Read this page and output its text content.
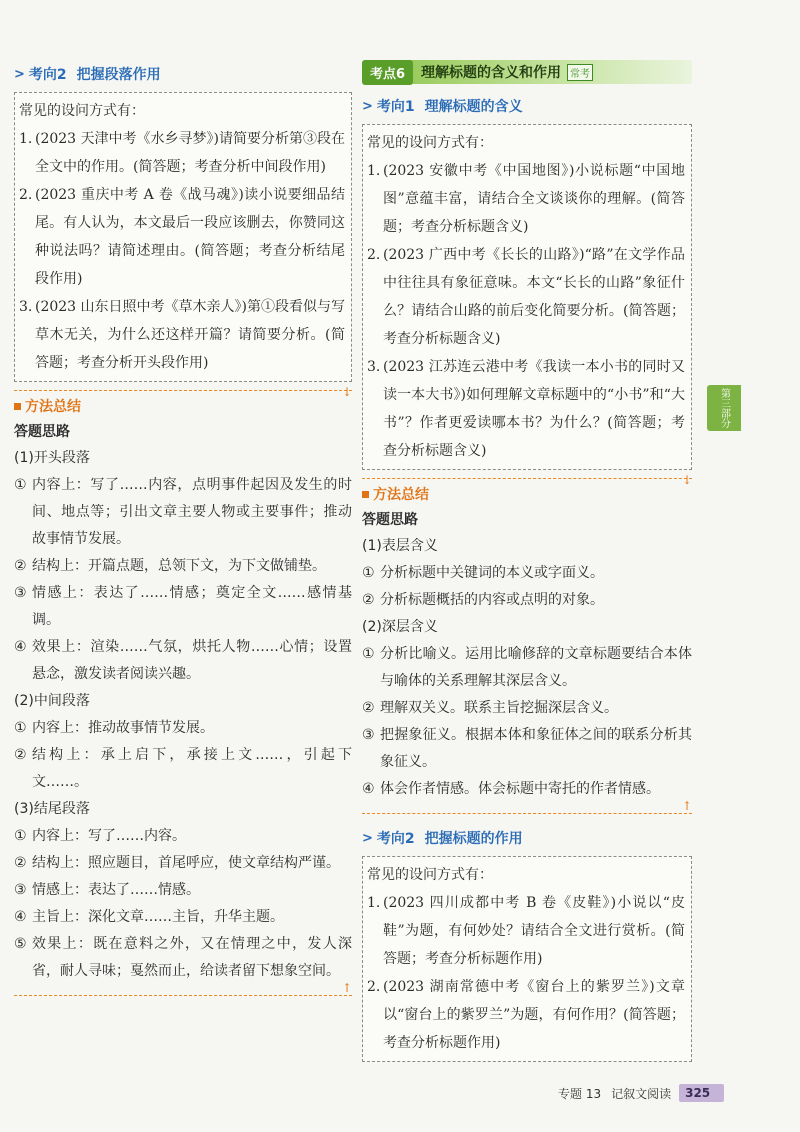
> 考向2 把握段落作用
常见的设问方式有：
1. (2023 天津中考《水乡寻梦》)请简要分析第③段在全文中的作用。(简答题；考查分析中间段作用)
2. (2023 重庆中考 A 卷《战马魂》)读小说要细品结尾。有人认为，本文最后一段应该删去，你赞同这种说法吗？请简述理由。(简答题；考查分析结尾段作用)
3. (2023 山东日照中考《草木亲人》)第①段看似与写草木无关，为什么还这样开篇？请简要分析。(简答题；考查分析开头段作用)
↓
方法总结
答题思路
(1)开头段落
① 内容上：写了……内容，点明事件起因及发生的时间、地点等；引出文章主要人物或主要事件；推动故事情节发展。
② 结构上：开篇点题，总领下文，为下文做铺垫。
③ 情感上：表达了……情感；奠定全文……感情基调。
④ 效果上：渲染……气氛，烘托人物……心情；设置悬念，激发读者阅读兴趣。
(2)中间段落
① 内容上：推动故事情节发展。
② 结构上：承上启下，承接上文……，引起下文……。
(3)结尾段落
① 内容上：写了……内容。
② 结构上：照应题目，首尾呼应，使文章结构严谨。
③ 情感上：表达了……情感。
④ 主旨上：深化文章……主旨，升华主题。
⑤ 效果上：既在意料之外，又在情理之中，发人深省，耐人寻味；戛然而止，给读者留下想象空间。
↑
考点6	理解标题的含义和作用 常考
> 考向1 理解标题的含义
常见的设问方式有：
1. (2023 安徽中考《中国地图》)小说标题“中国地图”意蕴丰富，请结合全文谈谈你的理解。(简答题；考查分析标题含义)
2. (2023 广西中考《长长的山路》)“路”在文学作品中往往具有象征意味。本文“长长的山路”象征什么？请结合山路的前后变化简要分析。(简答题；考查分析标题含义)
3. (2023 江苏连云港中考《我读一本小书的同时又读一本大书》)如何理解文章标题中的“小书”和“大书”？作者更爱读哪本书？为什么？(简答题；考查分析标题含义)
↓
方法总结
答题思路
(1)表层含义
① 分析标题中关键词的本义或字面义。
② 分析标题概括的内容或点明的对象。
(2)深层含义
① 分析比喻义。运用比喻修辞的文章标题要结合本体与喻体的关系理解其深层含义。
② 理解双关义。联系主旨挖掘深层含义。
③ 把握象征义。根据本体和象征体之间的联系分析其象征义。
④ 体会作者情感。体会标题中寄托的作者情感。
↑
> 考向2 把握标题的作用
常见的设问方式有：
1. (2023 四川成都中考 B 卷《皮鞋》)小说以“皮鞋”为题，有何妙处？请结合全文进行赏析。(简答题；考查分析标题作用)
2. (2023 湖南常德中考《窗台上的紫罗兰》)文章以“窗台上的紫罗兰”为题，有何作用？(简答题；考查分析标题作用)
第三部分
专题 13 记叙文阅读	325
